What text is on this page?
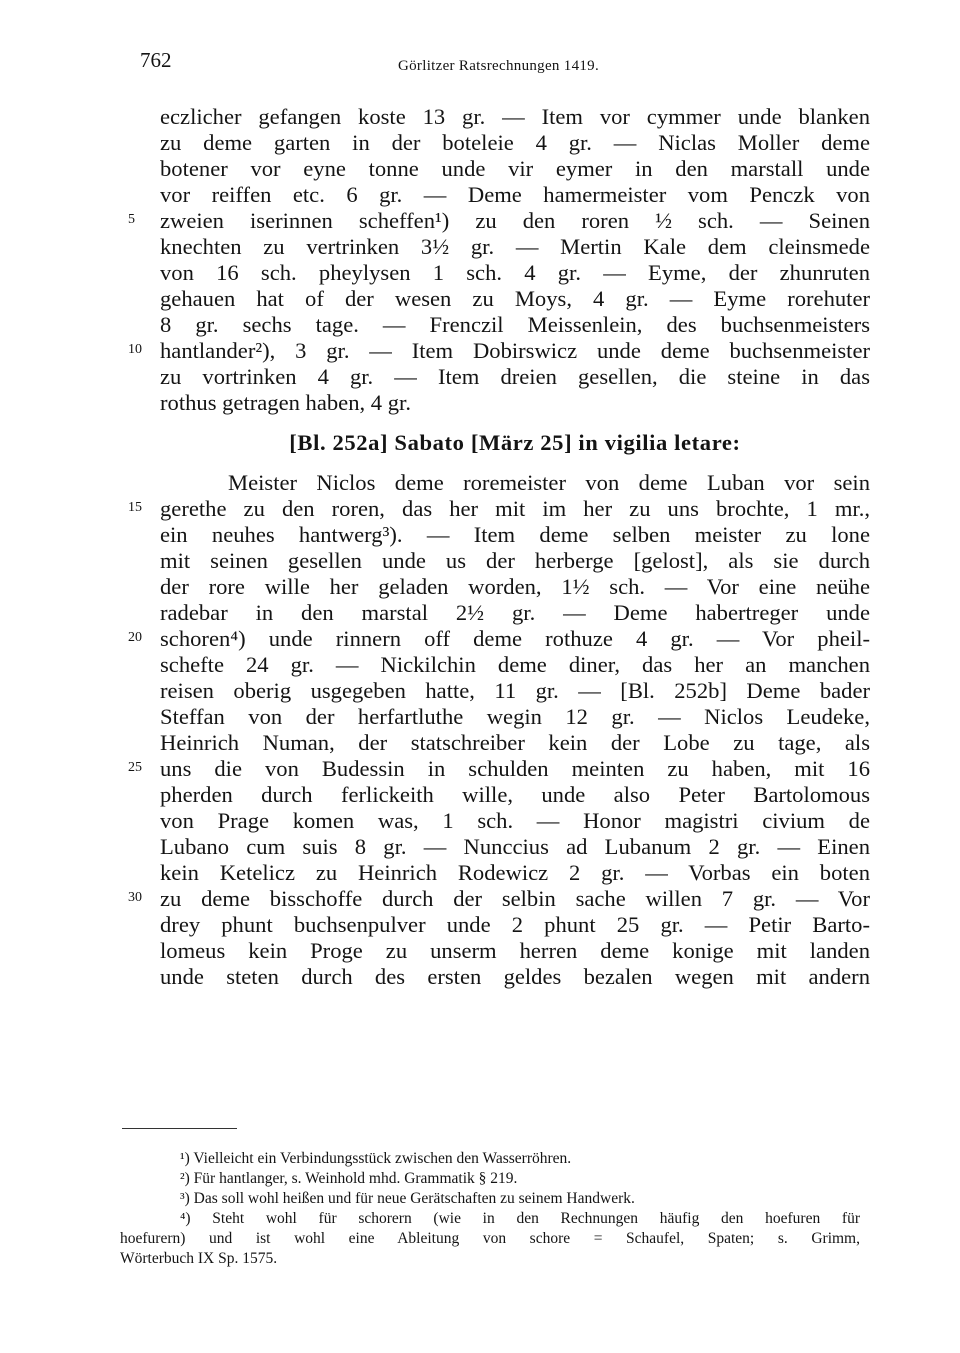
762	Görlitzer Ratsrechnungen 1419.
eczlicher gefangen koste 13 gr. — Item vor cymmer unde blanken
zu deme garten in der boteleie 4 gr. — Niclas Moller deme
botener vor eyne tonne unde vir eymer in den marstall unde
vor reiffen etc. 6 gr. — Deme hamermeister vom Penczk von
zweien iserinnen scheffen¹) zu den roren ½ sch. — Seinen
knechten zu vertrinken 3½ gr. — Mertin Kale dem cleinsmede
von 16 sch. pheylysen 1 sch. 4 gr. — Eyme, der zhunruten
gehauen hat of der wesen zu Moys, 4 gr. — Eyme rorehuter
8 gr. sechs tage. — Frenczil Meissenlein, des buchsenmeisters
hantlander²), 3 gr. — Item Dobirswicz unde deme buchsenmeister
zu vortrinken 4 gr. — Item dreien gesellen, die steine in das
rothus getragen haben, 4 gr.
[Bl. 252a] Sabato [März 25] in vigilia letare:
Meister Niclos deme roremeister von deme Luban vor sein
gerethe zu den roren, das her mit im her zu uns brochte, 1 mr.,
ein neuhes hantwerg³). — Item deme selben meister zu lone
mit seinen gesellen unde us der herberge [gelost], als sie durch
der rore wille her geladen worden, 1½ sch. — Vor eine neühe
radebar in den marstal 2½ gr. — Deme habertreger unde
schoren⁴) unde rinnern off deme rothuze 4 gr. — Vor pheil-
schefte 24 gr. — Nickilchin deme diner, das her an manchen
reisen oberig usgegeben hatte, 11 gr. — [Bl. 252b] Deme bader
Steffan von der herfartluthe wegin 12 gr. — Niclos Leudeke,
Heinrich Numan, der statschreiber kein der Lobe zu tage, als
uns die von Budessin in schulden meinten zu haben, mit 16
pherden durch ferlickeith wille, unde also Peter Bartolomous
von Prage komen was, 1 sch. — Honor magistri civium de
Lubano cum suis 8 gr. — Nunccius ad Lubanum 2 gr. — Einen
kein Ketelicz zu Heinrich Rodewicz 2 gr. — Vorbas ein boten
zu deme bisschoffe durch der selbin sache willen 7 gr. — Vor
drey phunt buchsenpulver unde 2 phunt 25 gr. — Petir Barto-
lomeus kein Proge zu unserm herren deme konige mit landen
unde steten durch des ersten geldes bezalen wegen mit andern
5
10
15
20
25
30
¹) Vielleicht ein Verbindungsstück zwischen den Wasserröhren.
²) Für hantlanger, s. Weinhold mhd. Grammatik § 219.
³) Das soll wohl heißen und für neue Gerätschaften zu seinem Handwerk.
⁴) Steht wohl für schorern (wie in den Rechnungen häufig den hoefuren für
hoefurern) und ist wohl eine Ableitung von schore = Schaufel, Spaten; s. Grimm,
Wörterbuch IX Sp. 1575.
